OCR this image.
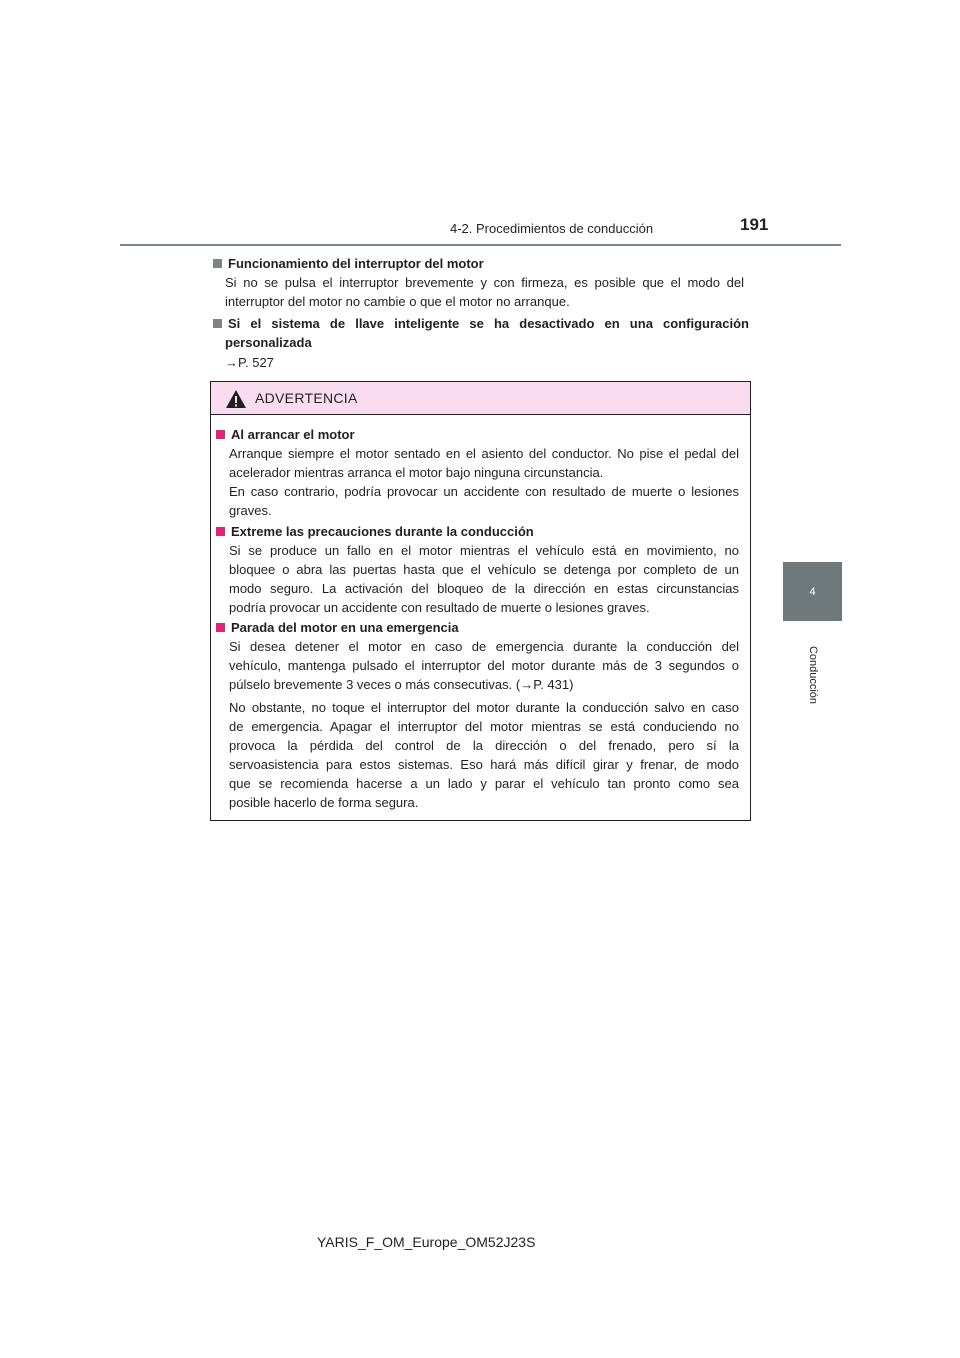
4-2. Procedimientos de conducción	191
4
Conducción
Funcionamiento del interruptor del motor
Si no se pulsa el interruptor brevemente y con firmeza, es posible que el modo del
interruptor del motor no cambie o que el motor no arranque.
Si el sistema de llave inteligente se ha desactivado en una configuración
personalizada
→P. 527
ADVERTENCIA
Al arrancar el motor
Arranque siempre el motor sentado en el asiento del conductor. No pise el pedal del
acelerador mientras arranca el motor bajo ninguna circunstancia.
En caso contrario, podría provocar un accidente con resultado de muerte o lesiones
graves.
Extreme las precauciones durante la conducción
Si se produce un fallo en el motor mientras el vehículo está en movimiento, no
bloquee o abra las puertas hasta que el vehículo se detenga por completo de un
modo seguro. La activación del bloqueo de la dirección en estas circunstancias
podría provocar un accidente con resultado de muerte o lesiones graves.
Parada del motor en una emergencia
Si desea detener el motor en caso de emergencia durante la conducción del
vehículo, mantenga pulsado el interruptor del motor durante más de 3 segundos o
púlselo brevemente 3 veces o más consecutivas. (→P. 431)
No obstante, no toque el interruptor del motor durante la conducción salvo en caso
de emergencia. Apagar el interruptor del motor mientras se está conduciendo no
provoca la pérdida del control de la dirección o del frenado, pero sí la
servoasistencia para estos sistemas. Eso hará más difícil girar y frenar, de modo
que se recomienda hacerse a un lado y parar el vehículo tan pronto como sea
posible hacerlo de forma segura.
YARIS_F_OM_Europe_OM52J23S
